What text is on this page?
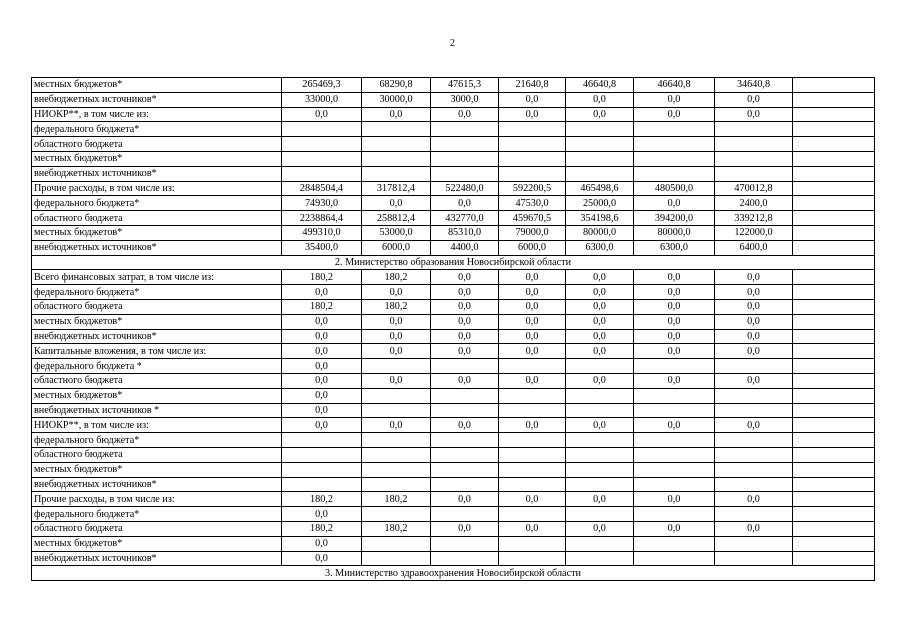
2
местных бюджетов*	265469,3	68290,8	47615,3	21640,8	46640,8	46640,8	34640,8	
внебюджетных источников*	33000,0	30000,0	3000,0	0,0	0,0	0,0	0,0	
НИОКР**, в том числе из:	0,0	0,0	0,0	0,0	0,0	0,0	0,0	
федерального бюджета*								
областного бюджета								
местных бюджетов*								
внебюджетных источников*								
Прочие расходы, в том числе из:	2848504,4	317812,4	522480,0	592200,5	465498,6	480500,0	470012,8	
федерального бюджета*	74930,0	0,0	0,0	47530,0	25000,0	0,0	2400,0	
областного бюджета	2238864,4	258812,4	432770,0	459670,5	354198,6	394200,0	339212,8	
местных бюджетов*	499310,0	53000,0	85310,0	79000,0	80000,0	80000,0	122000,0	
внебюджетных источников*	35400,0	6000,0	4400,0	6000,0	6300,0	6300,0	6400,0	
2. Министерство образования Новосибирской области								
Всего финансовых затрат, в том числе из:	180,2	180,2	0,0	0,0	0,0	0,0	0,0	
федерального бюджета*	0,0	0,0	0,0	0,0	0,0	0,0	0,0	
областного бюджета	180,2	180,2	0,0	0,0	0,0	0,0	0,0	
местных бюджетов*	0,0	0,0	0,0	0,0	0,0	0,0	0,0	
внебюджетных источников*	0,0	0,0	0,0	0,0	0,0	0,0	0,0	
Капитальные вложения, в том числе из:	0,0	0,0	0,0	0,0	0,0	0,0	0,0	
федерального бюджета *	0,0							
областного бюджета	0,0	0,0	0,0	0,0	0,0	0,0	0,0	
местных бюджетов*	0,0							
внебюджетных источников *	0,0							
НИОКР**, в том числе из:	0,0	0,0	0,0	0,0	0,0	0,0	0,0	
федерального бюджета*								
областного бюджета								
местных бюджетов*								
внебюджетных источников*								
Прочие расходы, в том числе из:	180,2	180,2	0,0	0,0	0,0	0,0	0,0	
федерального бюджета*	0,0							
областного бюджета	180,2	180,2	0,0	0,0	0,0	0,0	0,0	
местных бюджетов*	0,0							
внебюджетных источников*	0,0							
3. Министерство здравоохранения Новосибирской области								
